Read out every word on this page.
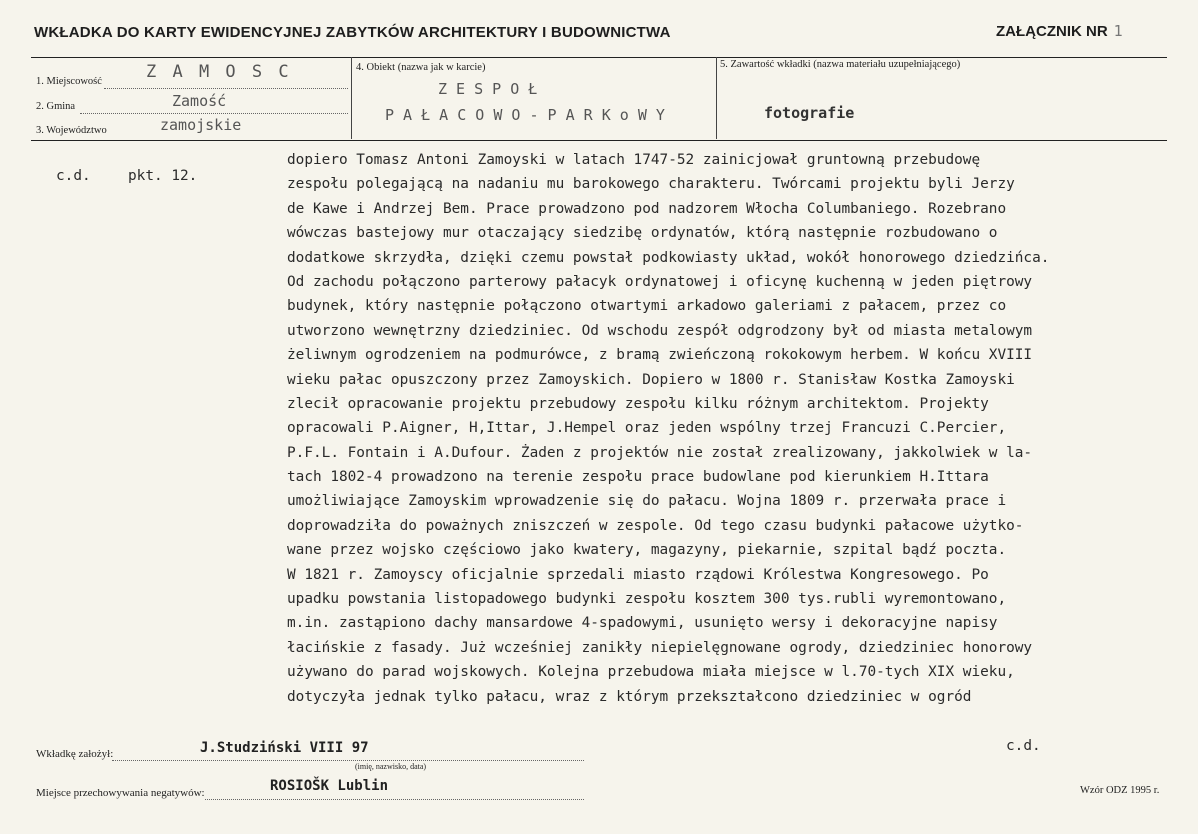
WKŁADKA DO KARTY EWIDENCYJNEJ ZABYTKÓW ARCHITEKTURY I BUDOWNICTWA	ZAŁĄCZNIK NR 1
1. Miejscowość	Z A M O S C
2. Gmina	Zamość
3. Województwo	zamojskie
4. Obiekt (nazwa jak w karcie)
Z E S P O Ł
P A Ł A C O W O - P A R K o W Y
5. Zawartość wkładki (nazwa materiału uzupełniającego)
fotografie
c.d.	pkt. 12.
dopiero Tomasz Antoni Zamoyski w latach 1747-52 zainicjował gruntowną przebudowę
zespołu polegającą na nadaniu mu barokowego charakteru. Twórcami projektu byli Jerzy
de Kawe i Andrzej Bem. Prace prowadzono pod nadzorem Włocha Columbaniego. Rozebrano
wówczas bastejowy mur otaczający siedzibę ordynatów, którą następnie rozbudowano o
dodatkowe skrzydła, dzięki czemu powstał podkowiasty układ, wokół honorowego dziedzińca.
Od zachodu połączono parterowy pałacyk ordynatowej i oficynę kuchenną w jeden piętrowy
budynek, który następnie połączono otwartymi arkadowo galeriami z pałacem, przez co
utworzono wewnętrzny dziedziniec. Od wschodu zespół odgrodzony był od miasta metalowym
żeliwnym ogrodzeniem na podmurówce, z bramą zwieńczoną rokokowym herbem. W końcu XVIII
wieku pałac opuszczony przez Zamoyskich. Dopiero w 1800 r. Stanisław Kostka Zamoyski
zlecił opracowanie projektu przebudowy zespołu kilku różnym architektom. Projekty
opracowali P.Aigner, H,Ittar, J.Hempel oraz jeden wspólny trzej Francuzi C.Percier,
P.F.L. Fontain i A.Dufour. Żaden z projektów nie został zrealizowany, jakkolwiek w la-
tach 1802-4 prowadzono na terenie zespołu prace budowlane pod kierunkiem H.Ittara
umożliwiające Zamoyskim wprowadzenie się do pałacu. Wojna 1809 r. przerwała prace i
doprowadziła do poważnych zniszczeń w zespole. Od tego czasu budynki pałacowe użytko-
wane przez wojsko częściowo jako kwatery, magazyny, piekarnie, szpital bądź poczta.
W 1821 r. Zamoyscy oficjalnie sprzedali miasto rządowi Królestwa Kongresowego. Po
upadku powstania listopadowego budynki zespołu kosztem 300 tys.rubli wyremontowano,
m.in. zastąpiono dachy mansardowe 4-spadowymi, usunięto wersy i dekoracyjne napisy
łacińskie z fasady. Już wcześniej zanikły niepielęgnowane ogrody, dziedziniec honorowy
używano do parad wojskowych. Kolejna przebudowa miała miejsce w l.70-tych XIX wieku,
dotyczyła jednak tylko pałacu, wraz z którym przekształcono dziedziniec w ogród
Wkładkę założył:	J.Studziński VIII 97
(imię, nazwisko, data)
c.d.
Miejsce przechowywania negatywów:	ROSIOŠK Lublin	Wzór ODZ 1995 r.
